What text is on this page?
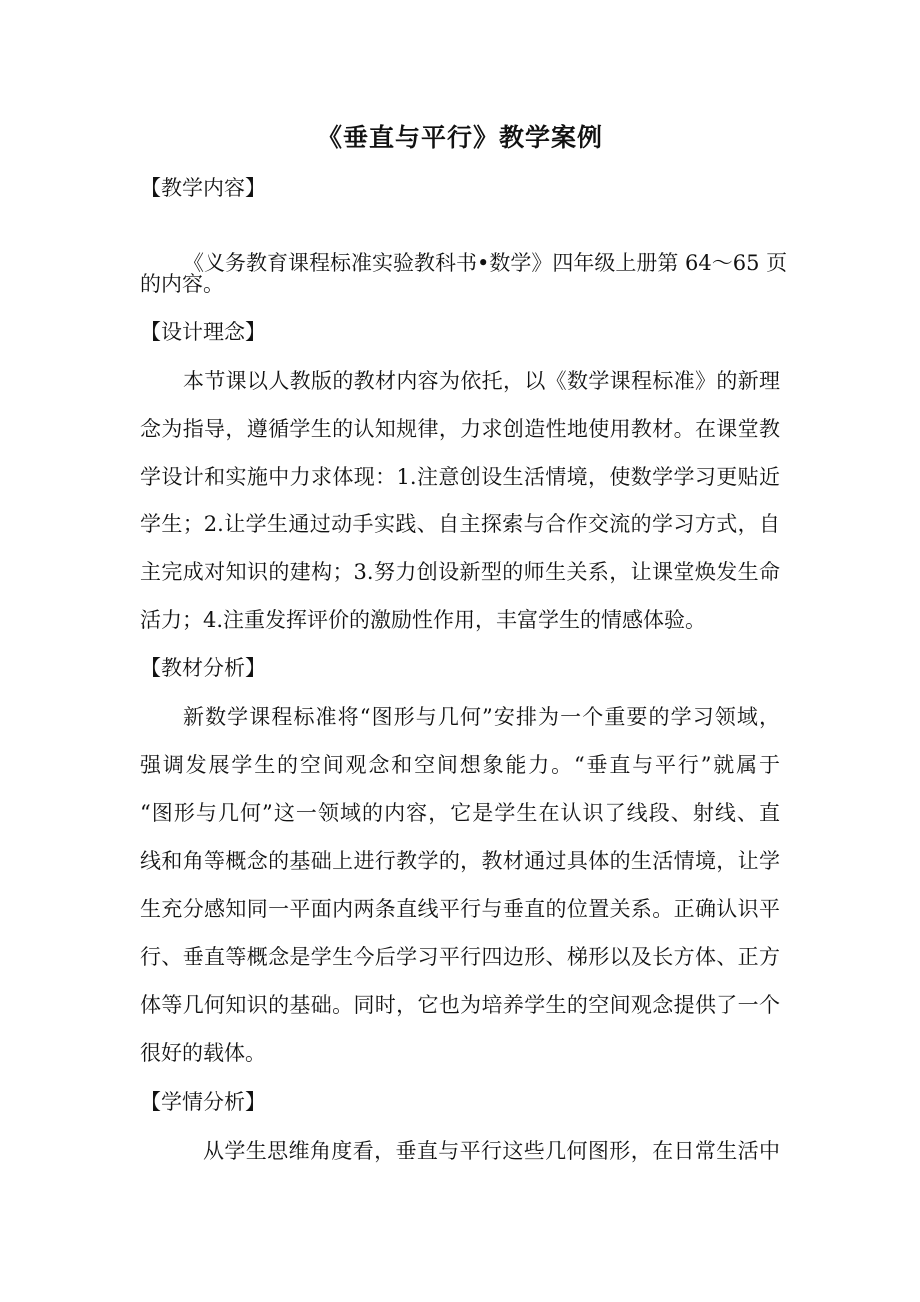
《垂直与平行》教学案例
【教学内容】
《义务教育课程标准实验教科书•数学》四年级上册第 64～65 页
的内容。
【设计理念】
本节课以人教版的教材内容为依托，以《数学课程标准》的新理
念为指导，遵循学生的认知规律，力求创造性地使用教材。在课堂教
学设计和实施中力求体现：1.注意创设生活情境，使数学学习更贴近
学生；2.让学生通过动手实践、自主探索与合作交流的学习方式，自
主完成对知识的建构；3.努力创设新型的师生关系，让课堂焕发生命
活力；4.注重发挥评价的激励性作用，丰富学生的情感体验。
【教材分析】
新数学课程标准将“图形与几何”安排为一个重要的学习领域，
强调发展学生的空间观念和空间想象能力。“垂直与平行”就属于
“图形与几何”这一领域的内容，它是学生在认识了线段、射线、直
线和角等概念的基础上进行教学的，教材通过具体的生活情境，让学
生充分感知同一平面内两条直线平行与垂直的位置关系。正确认识平
行、垂直等概念是学生今后学习平行四边形、梯形以及长方体、正方
体等几何知识的基础。同时，它也为培养学生的空间观念提供了一个
很好的载体。
【学情分析】
从学生思维角度看，垂直与平行这些几何图形，在日常生活中
